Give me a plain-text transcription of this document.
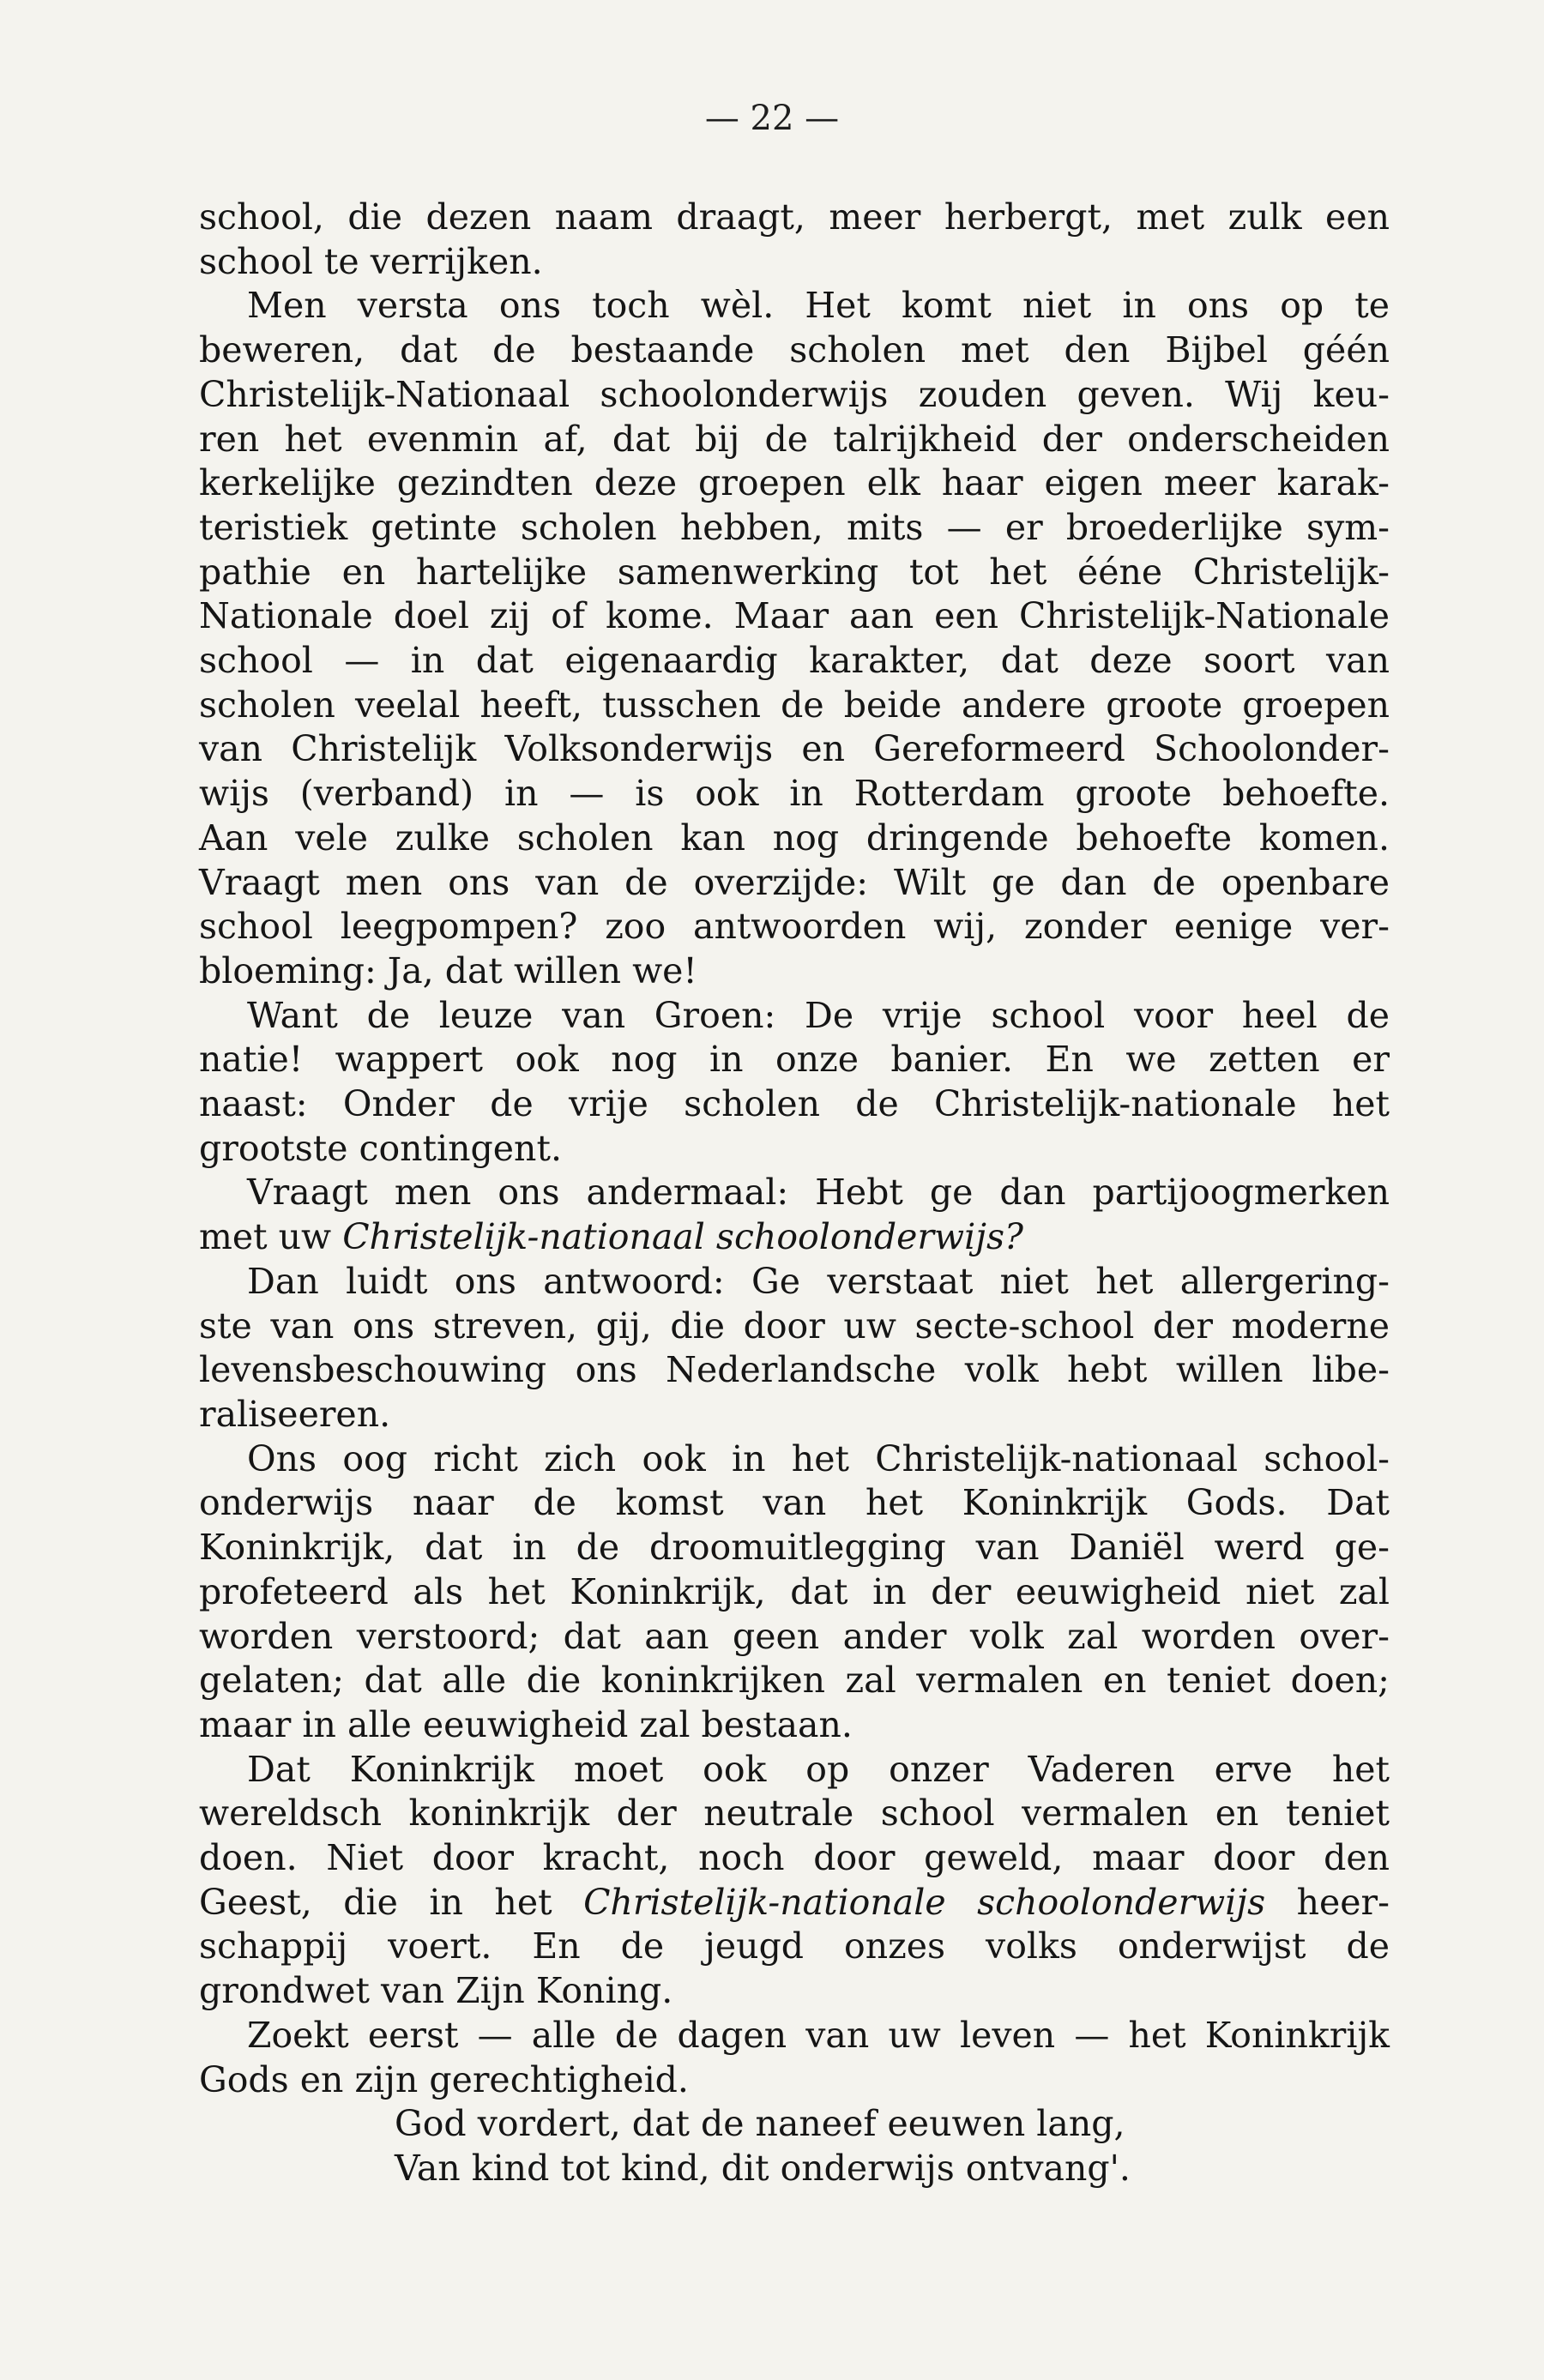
— 22 —
school, die dezen naam draagt, meer herbergt, met zulk een
school te verrijken.
Men versta ons toch wèl. Het komt niet in ons op te
beweren, dat de bestaande scholen met den Bijbel géén
Christelijk-Nationaal schoolonderwijs zouden geven. Wij keu-
ren het evenmin af, dat bij de talrijkheid der onderscheiden
kerkelijke gezindten deze groepen elk haar eigen meer karak-
teristiek getinte scholen hebben, mits — er broederlijke sym-
pathie en hartelijke samenwerking tot het ééne Christelijk-
Nationale doel zij of kome. Maar aan een Christelijk-Nationale
school — in dat eigenaardig karakter, dat deze soort van
scholen veelal heeft, tusschen de beide andere groote groepen
van Christelijk Volksonderwijs en Gereformeerd Schoolonder-
wijs (verband) in — is ook in Rotterdam groote behoefte.
Aan vele zulke scholen kan nog dringende behoefte komen.
Vraagt men ons van de overzijde: Wilt ge dan de openbare
school leegpompen? zoo antwoorden wij, zonder eenige ver-
bloeming: Ja, dat willen we!
Want de leuze van Groen: De vrije school voor heel de
natie! wappert ook nog in onze banier. En we zetten er
naast: Onder de vrije scholen de Christelijk-nationale het
grootste contingent.
Vraagt men ons andermaal: Hebt ge dan partijoogmerken
met uw Christelijk-nationaal schoolonderwijs?
Dan luidt ons antwoord: Ge verstaat niet het allergering-
ste van ons streven, gij, die door uw secte-school der moderne
levensbeschouwing ons Nederlandsche volk hebt willen libe-
raliseeren.
Ons oog richt zich ook in het Christelijk-nationaal school-
onderwijs naar de komst van het Koninkrijk Gods. Dat
Koninkrijk, dat in de droomuitlegging van Daniël werd ge-
profeteerd als het Koninkrijk, dat in der eeuwigheid niet zal
worden verstoord; dat aan geen ander volk zal worden over-
gelaten; dat alle die koninkrijken zal vermalen en teniet doen;
maar in alle eeuwigheid zal bestaan.
Dat Koninkrijk moet ook op onzer Vaderen erve het
wereldsch koninkrijk der neutrale school vermalen en teniet
doen. Niet door kracht, noch door geweld, maar door den
Geest, die in het Christelijk-nationale schoolonderwijs heer-
schappij voert. En de jeugd onzes volks onderwijst de
grondwet van Zijn Koning.
Zoekt eerst — alle de dagen van uw leven — het Koninkrijk
Gods en zijn gerechtigheid.
God vordert, dat de naneef eeuwen lang,
Van kind tot kind, dit onderwijs ontvang'.
